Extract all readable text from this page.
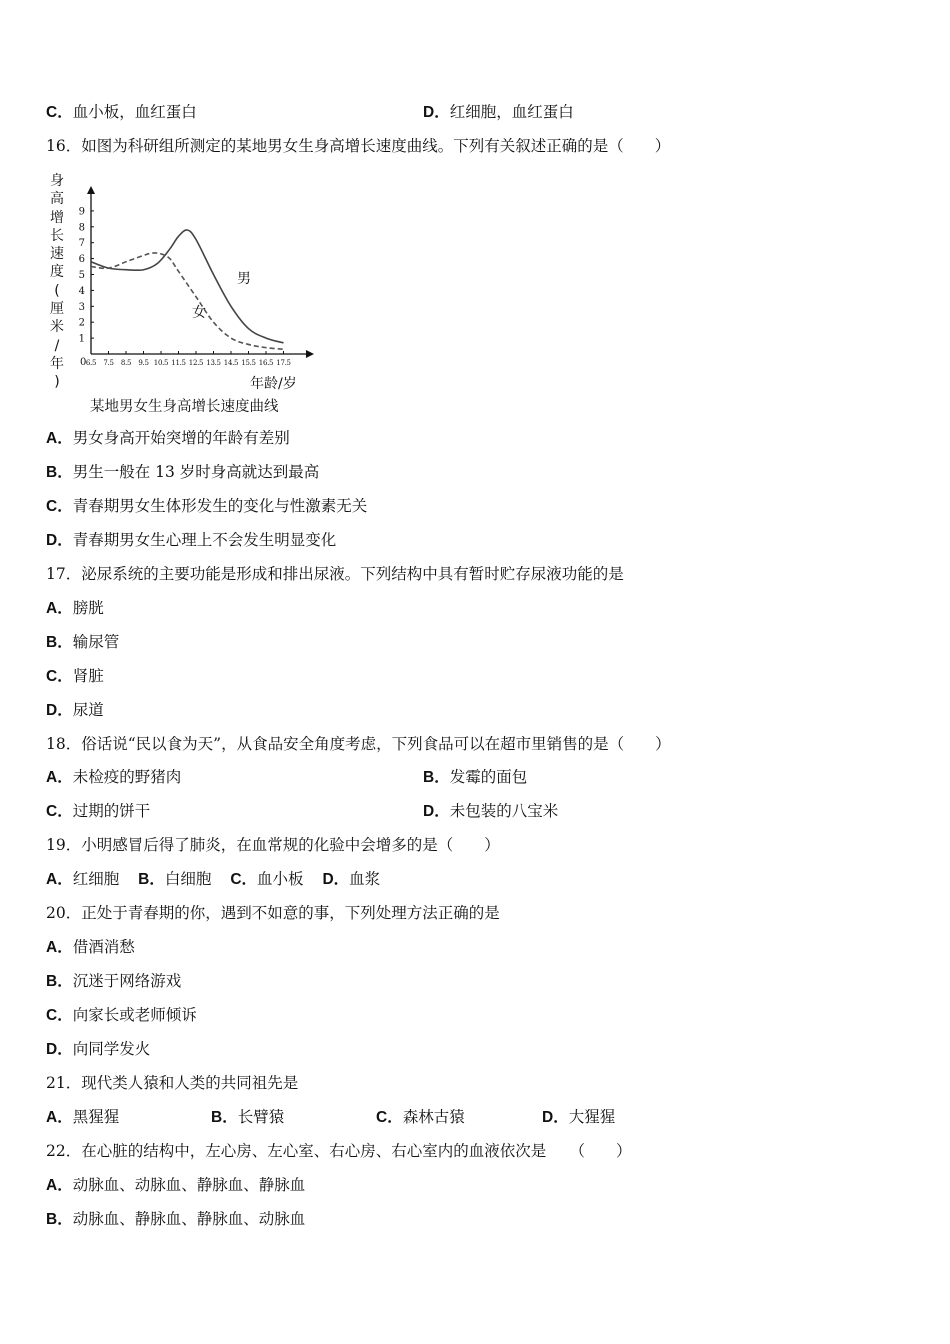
C．血小板，血红蛋白	D．红细胞，血红蛋白
16．如图为科研组所测定的某地男女生身高增长速度曲线。下列有关叙述正确的是（　　）
身
高
增
长
速
度
(
厘
米
/
年
)
0 6.5 7.5 8.5 9.5 10.5 11.5 12.5 13.5 14.5 15.5 16.5 17.5
1
2
3
4
5
6
7
8
9
男
女
年龄/岁
某地男女生身高增长速度曲线
A．男女身高开始突增的年龄有差别
B．男生一般在 13 岁时身高就达到最高
C．青春期男女生体形发生的变化与性激素无关
D．青春期男女生心理上不会发生明显变化
17．泌尿系统的主要功能是形成和排出尿液。下列结构中具有暂时贮存尿液功能的是
A．膀胱
B．输尿管
C．肾脏
D．尿道
18．俗话说“民以食为天”，从食品安全角度考虑，下列食品可以在超市里销售的是（　　）
A．未检疫的野猪肉	B．发霉的面包
C．过期的饼干	D．未包装的八宝米
19．小明感冒后得了肺炎，在血常规的化验中会增多的是（　　）
A．红细胞 B．白细胞 C．血小板 D．血浆
20．正处于青春期的你，遇到不如意的事，下列处理方法正确的是
A．借酒消愁
B．沉迷于网络游戏
C．向家长或老师倾诉
D．向同学发火
21．现代类人猿和人类的共同祖先是
A．黑猩猩	B．长臂猿	C．森林古猿	D．大猩猩
22．在心脏的结构中，左心房、左心室、右心房、右心室内的血液依次是　　（　　）
A．动脉血、动脉血、静脉血、静脉血
B．动脉血、静脉血、静脉血、动脉血
